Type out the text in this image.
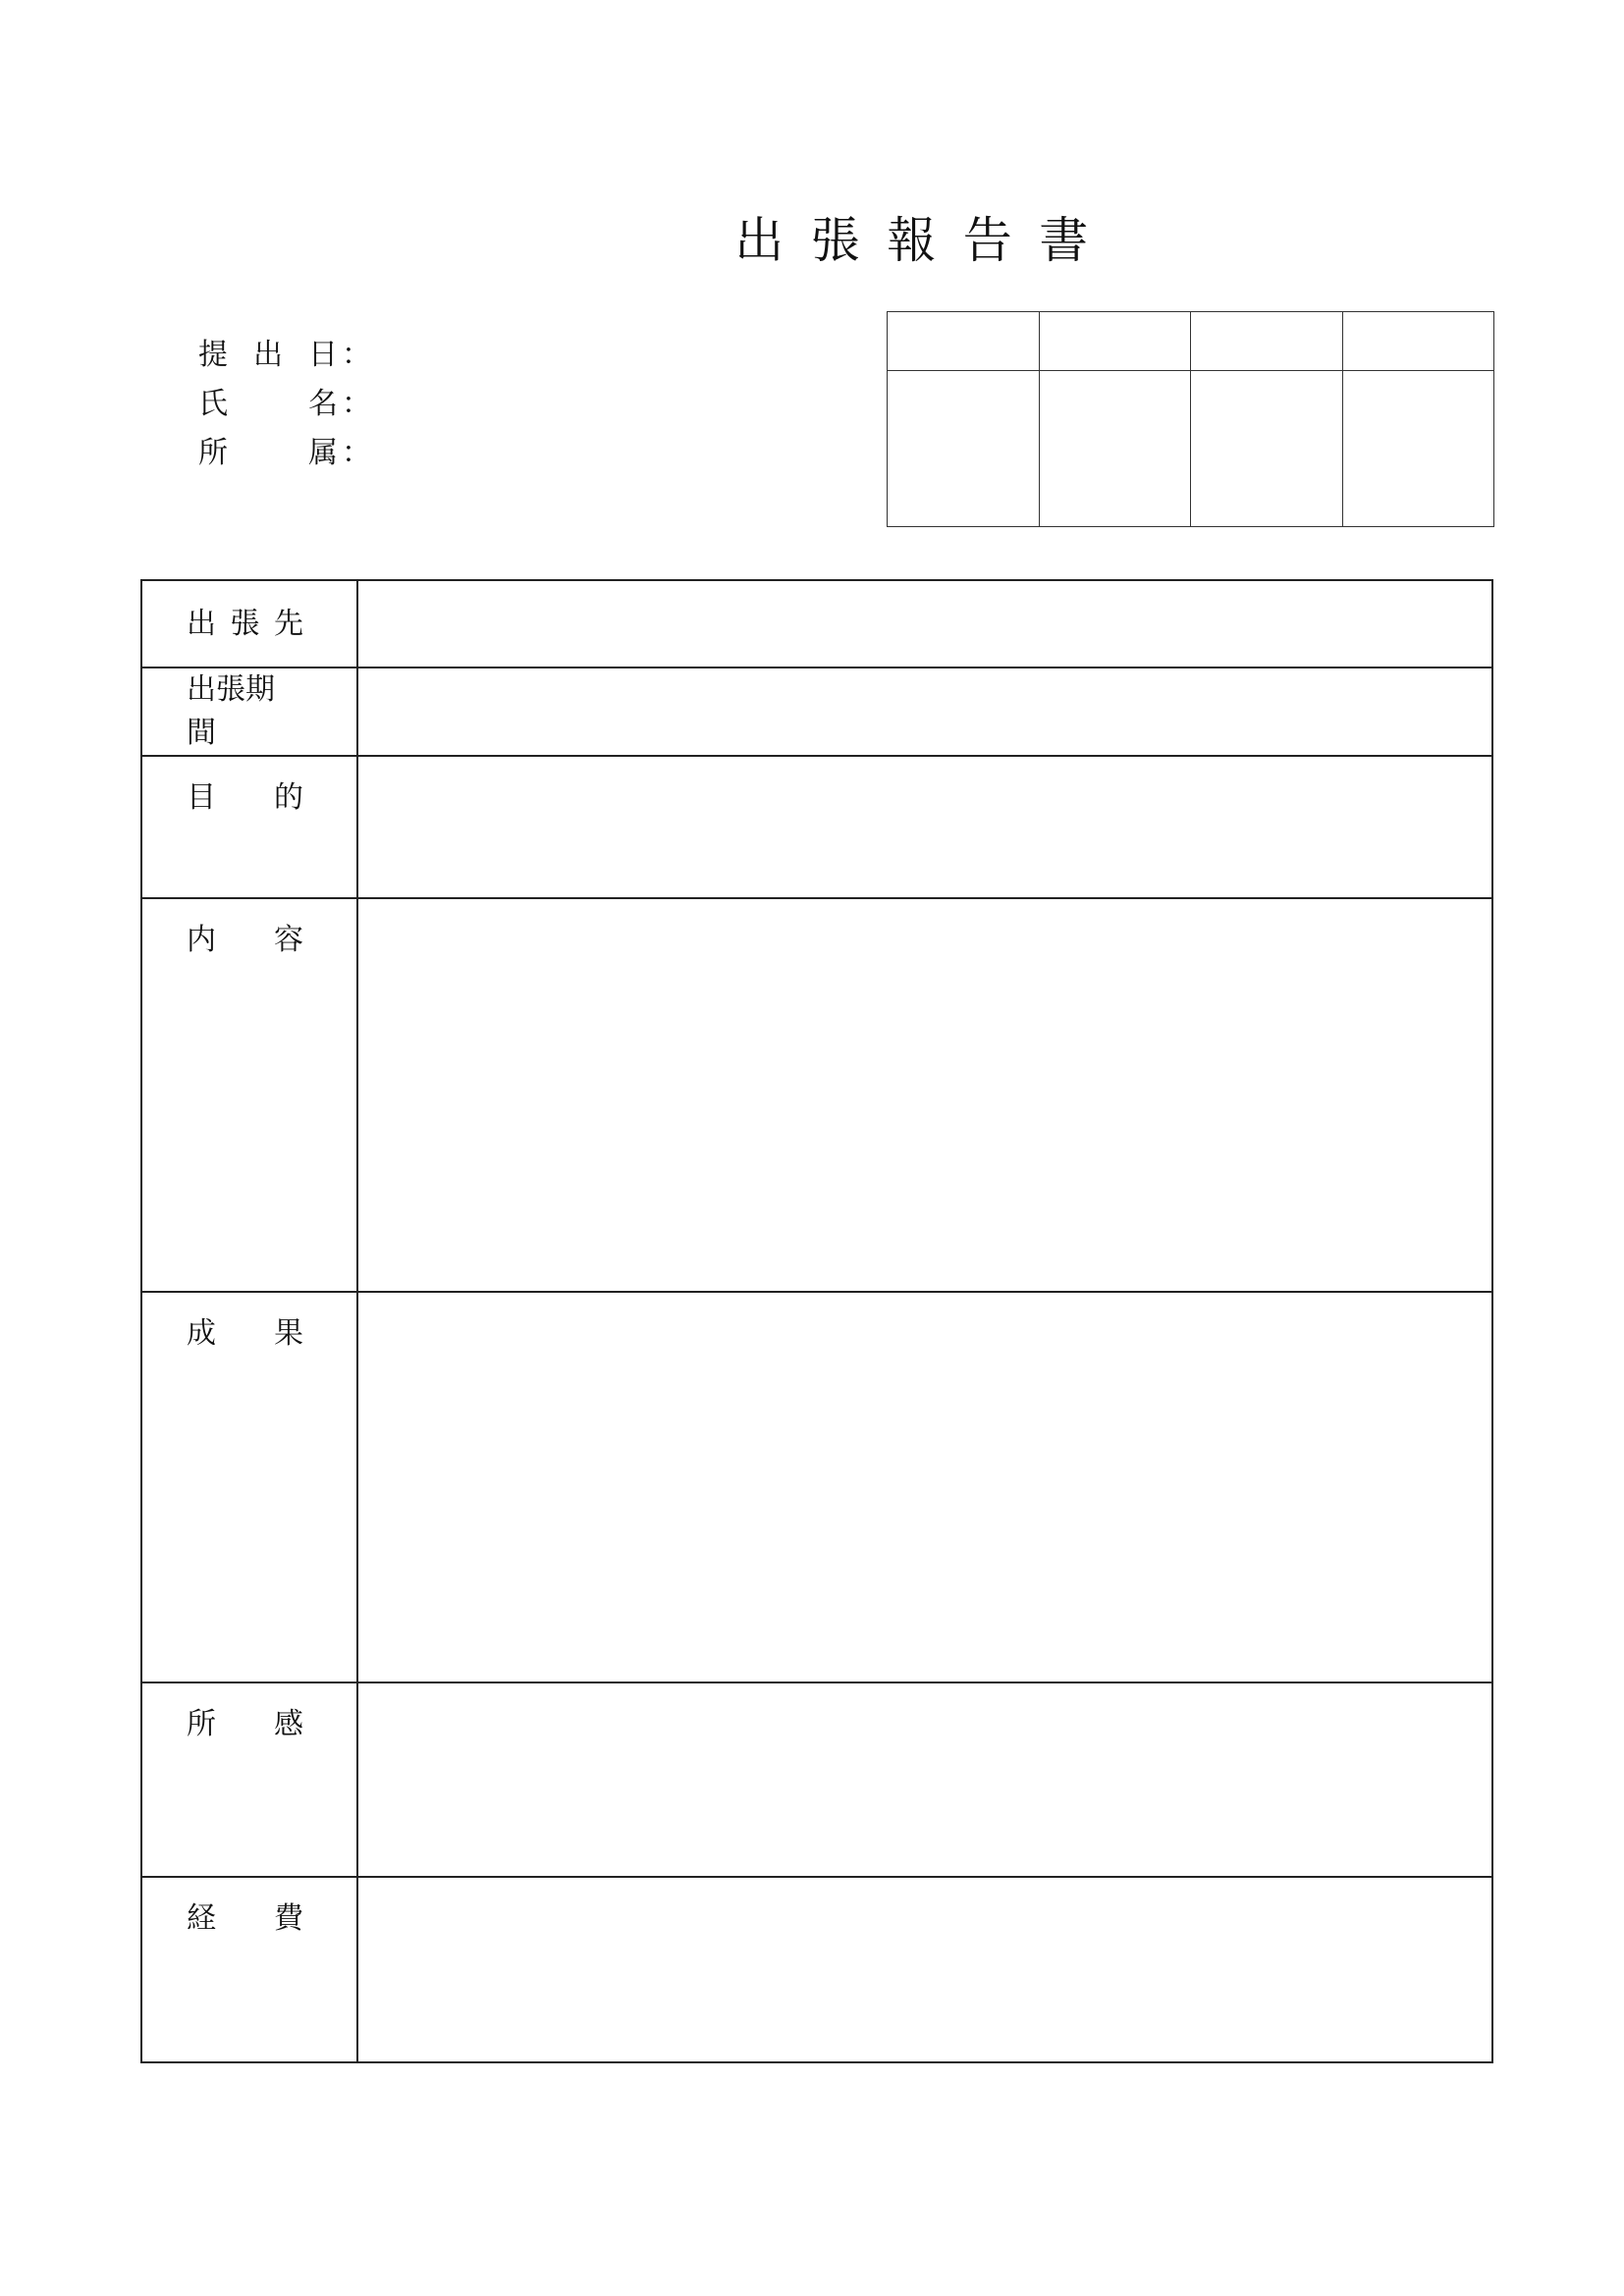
出張報告書
提 出 日 ：
氏	名 ：
所	属 ：

出 張 先	

出張期間	

目 的	

内 容	

成 果	

所 感	

経 費	
